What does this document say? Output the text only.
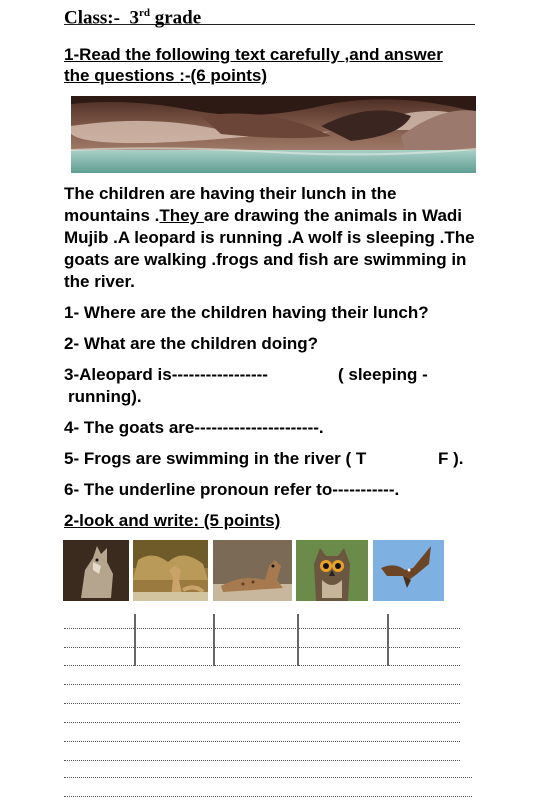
Class:- 3rd grade
1-Read the following text carefully ,and answer
the questions :-(6 points)
The children are having their lunch in the mountains .They are drawing the animals in Wadi Mujib .A leopard is running .A wolf is sleeping .The goats are walking .frogs and fish are swimming in the river.
1- Where are the children having their lunch?
2- What are the children doing?
3-Aleopard is-----------------	( sleeping -
running).
4- The goats are----------------------.
5- Frogs are swimming in the river ( T	F ).
6- The underline pronoun refer to-----------.
2-look and write: (5 points)
